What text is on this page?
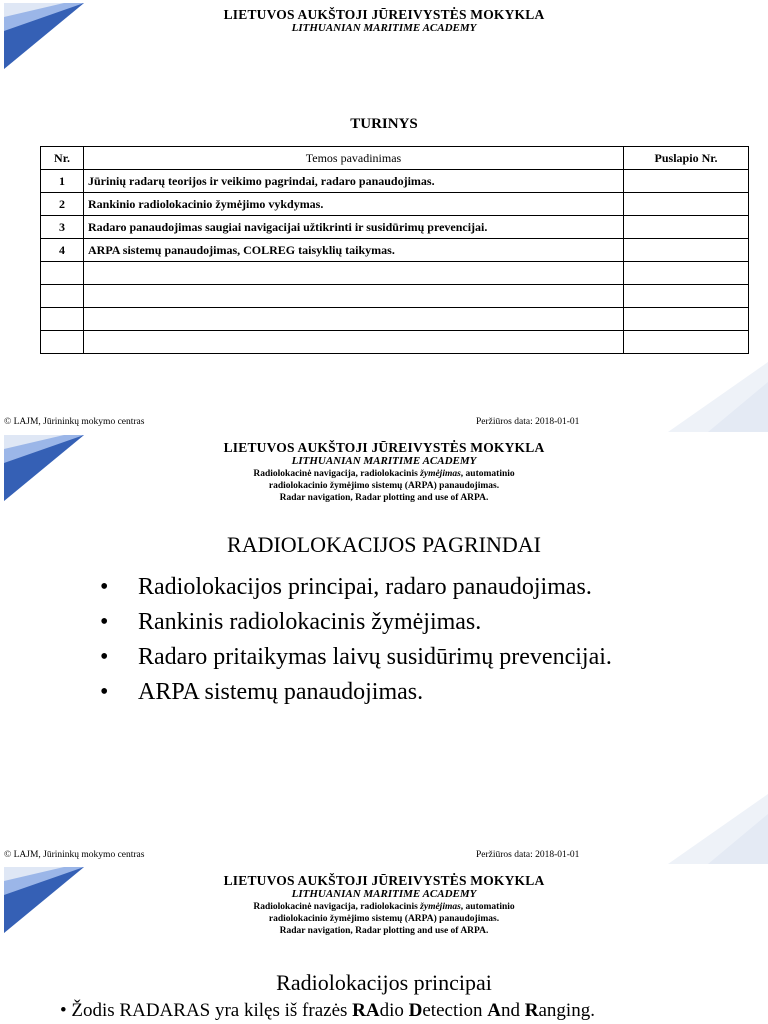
LIETUVOS AUKŠTOJI JŪREIVYSTĖS MOKYKLA
LITHUANIAN MARITIME ACADEMY
TURINYS
Nr.	Temos pavadinimas	Puslapio Nr.
1	Jūrinių radarų teorijos ir veikimo pagrindai, radaro panaudojimas.	
2	Rankinio radiolokacinio žymėjimo vykdymas.	
3	Radaro panaudojimas saugiai navigacijai užtikrinti ir susidūrimų prevencijai.	
4	ARPA sistemų panaudojimas, COLREG taisyklių taikymas.	

© LAJM, Jūrininkų mokymo centras	Peržiūros data: 2018-01-01
LIETUVOS AUKŠTOJI JŪREIVYSTĖS MOKYKLA
LITHUANIAN MARITIME ACADEMY
Radiolokacinė navigacija, radiolokacinis žymėjimas, automatinio
radiolokacinio žymėjimo sistemų (ARPA) panaudojimas.
Radar navigation, Radar plotting and use of ARPA.
RADIOLOKACIJOS PAGRINDAI
• Radiolokacijos principai, radaro panaudojimas.
• Rankinis radiolokacinis žymėjimas.
• Radaro pritaikymas laivų susidūrimų prevencijai.
• ARPA sistemų panaudojimas.
© LAJM, Jūrininkų mokymo centras	Peržiūros data: 2018-01-01
LIETUVOS AUKŠTOJI JŪREIVYSTĖS MOKYKLA
LITHUANIAN MARITIME ACADEMY
Radiolokacinė navigacija, radiolokacinis žymėjimas, automatinio
radiolokacinio žymėjimo sistemų (ARPA) panaudojimas.
Radar navigation, Radar plotting and use of ARPA.
Radiolokacijos principai
• Žodis RADARAS yra kilęs iš frazės RAdio Detection And Ranging.
